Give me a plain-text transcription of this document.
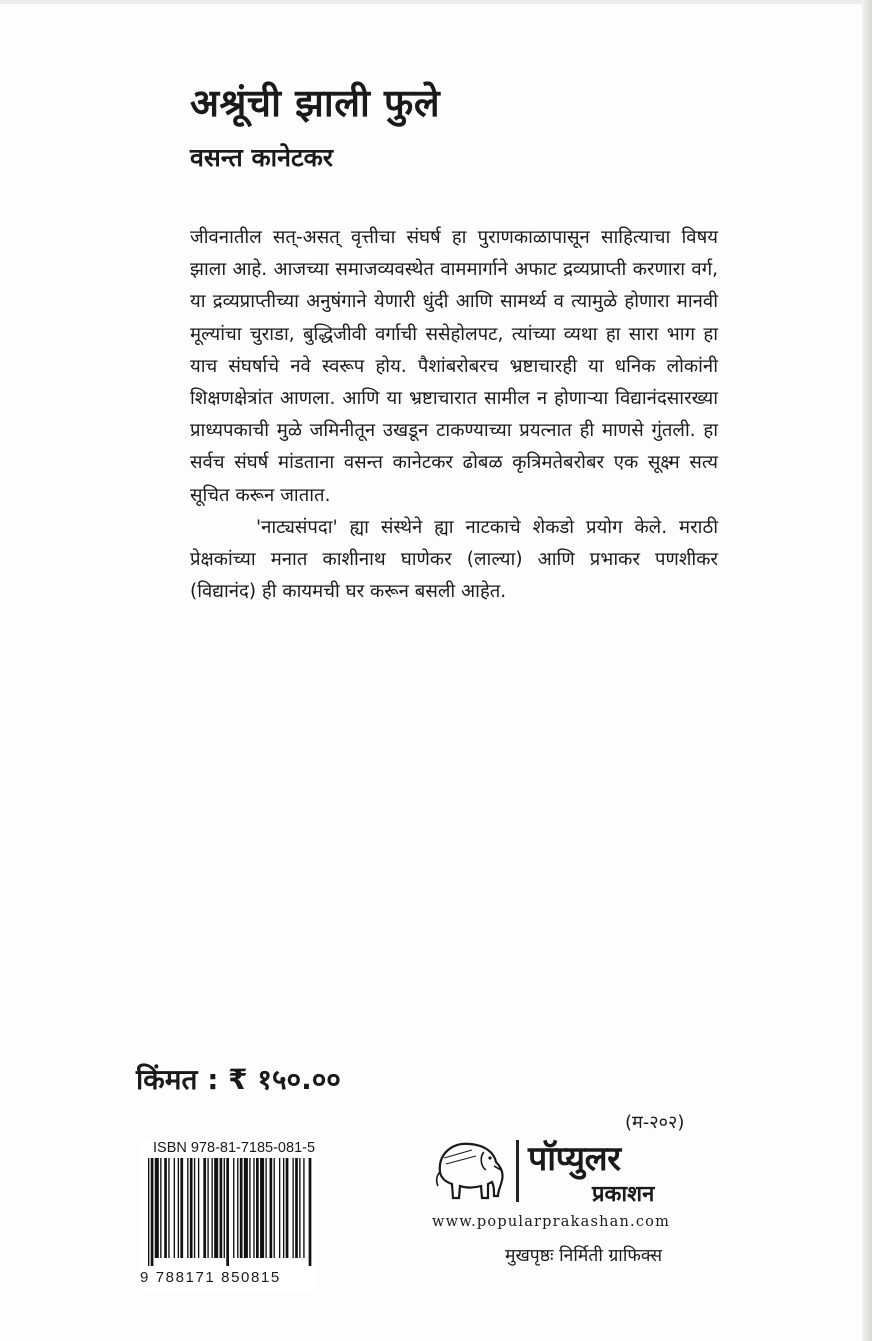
अश्रूंची झाली फुले
वसन्त कानेटकर

जीवनातील सत्-असत् वृत्तीचा संघर्ष हा पुराणकाळापासून साहित्याचा विषय झाला आहे. आजच्या समाजव्यवस्थेत वाममार्गाने अफाट द्रव्यप्राप्ती करणारा वर्ग, या द्रव्यप्राप्तीच्या अनुषंगाने येणारी धुंदी आणि सामर्थ्य व त्यामुळे होणारा मानवी मूल्यांचा चुराडा, बुद्धिजीवी वर्गाची ससेहोलपट, त्यांच्या व्यथा हा सारा भाग हा याच संघर्षाचे नवे स्वरूप होय. पैशांबरोबरच भ्रष्टाचारही या धनिक लोकांनी शिक्षणक्षेत्रांत आणला. आणि या भ्रष्टाचारात सामील न होणाऱ्या विद्यानंदसारख्या प्राध्यपकाची मुळे जमिनीतून उखडून टाकण्याच्या प्रयत्नात ही माणसे गुंतली. हा सर्वच संघर्ष मांडताना वसन्त कानेटकर ढोबळ कृत्रिमतेबरोबर एक सूक्ष्म सत्य सूचित करून जातात.

'नाट्यसंपदा' ह्या संस्थेने ह्या नाटकाचे शेकडो प्रयोग केले. मराठी प्रेक्षकांच्या मनात काशीनाथ घाणेकर (लाल्या) आणि प्रभाकर पणशीकर (विद्यानंद) ही कायमची घर करून बसली आहेत.

किंमत : ₹ १५०.००
(म-२०२)
ISBN 978-81-7185-081-5
9 788171 850815
पॉप्युलर
प्रकाशन
www.popularprakashan.com
मुखपृष्ठः निर्मिती ग्राफिक्स
